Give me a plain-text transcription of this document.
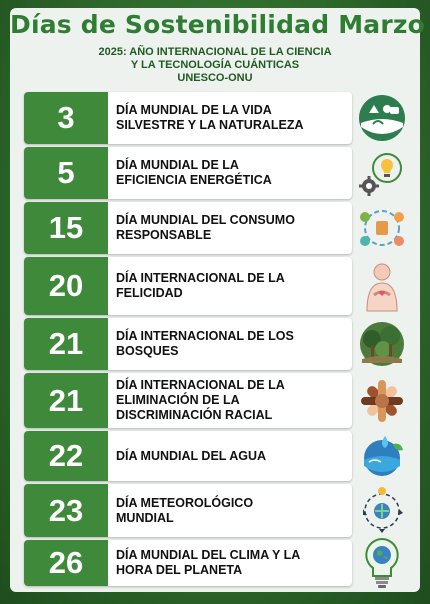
Días de Sostenibilidad Marzo
2025: AÑO INTERNACIONAL DE LA CIENCIA
Y LA TECNOLOGÍA CUÁNTICAS
UNESCO-ONU
3	DÍA MUNDIAL DE LA VIDA
SILVESTRE Y LA NATURALEZA
5	DÍA MUNDIAL DE LA
EFICIENCIA ENERGÉTICA
15	DÍA MUNDIAL DEL CONSUMO
RESPONSABLE
20	DÍA INTERNACIONAL DE LA
FELICIDAD
21	DÍA INTERNACIONAL DE LOS
BOSQUES
21	DÍA INTERNACIONAL DE LA
ELIMINACIÓN DE LA
DISCRIMINACIÓN RACIAL
22	DÍA MUNDIAL DEL AGUA
23	DÍA METEOROLÓGICO
MUNDIAL
26	DÍA MUNDIAL DEL CLIMA Y LA
HORA DEL PLANETA
